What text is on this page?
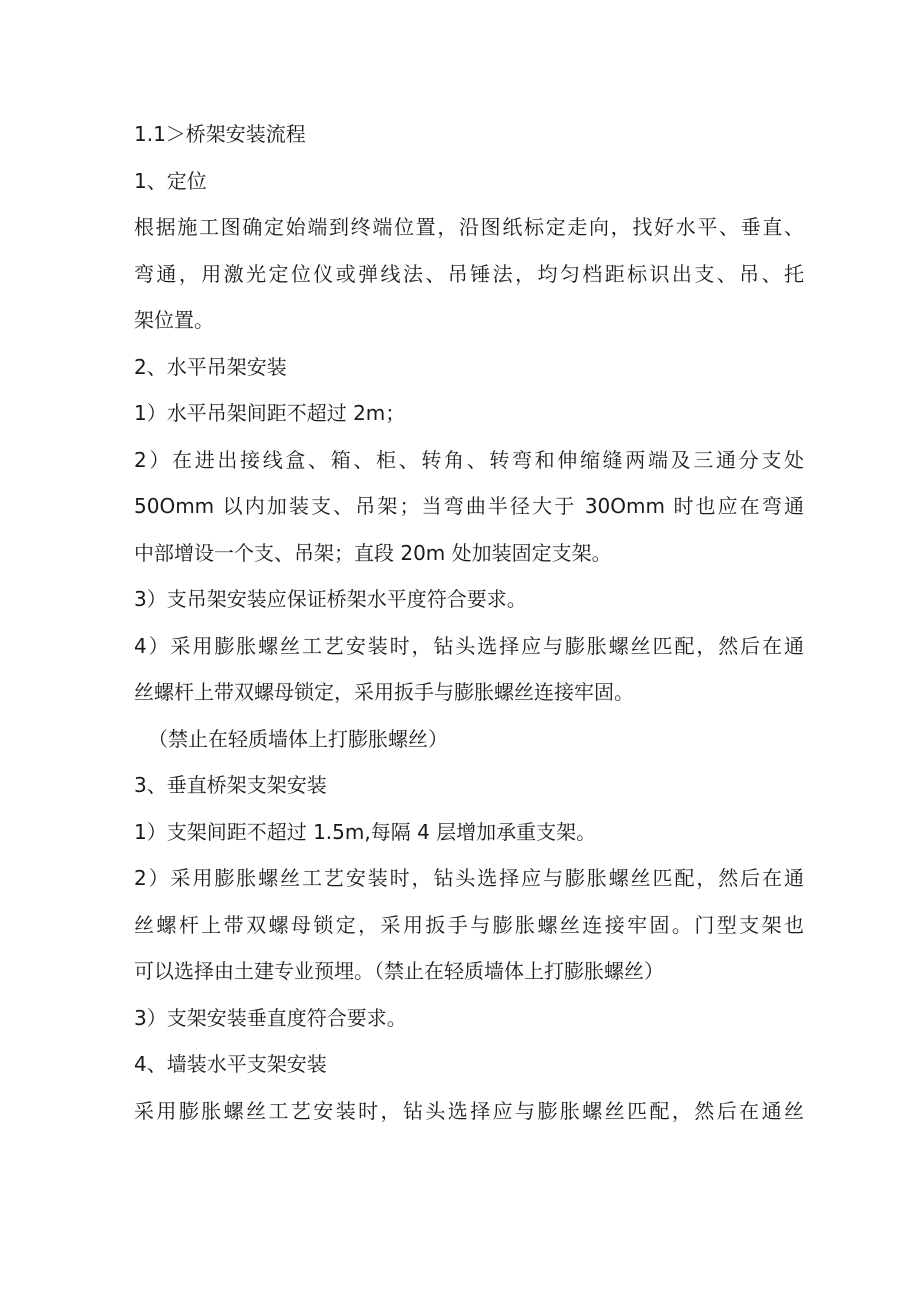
1.1＞桥架安装流程
1、定位
根据施工图确定始端到终端位置，沿图纸标定走向，找好水平、垂直、
弯通，用激光定位仪或弹线法、吊锤法，均匀档距标识出支、吊、托
架位置。
2、水平吊架安装
1）水平吊架间距不超过 2m；
2）在进出接线盒、箱、柜、转角、转弯和伸缩缝两端及三通分支处
50Omm 以内加装支、吊架；当弯曲半径大于 30Omm 时也应在弯通
中部增设一个支、吊架；直段 20m 处加装固定支架。
3）支吊架安装应保证桥架水平度符合要求。
4）采用膨胀螺丝工艺安装时，钻头选择应与膨胀螺丝匹配，然后在通
丝螺杆上带双螺母锁定，采用扳手与膨胀螺丝连接牢固。
（禁止在轻质墙体上打膨胀螺丝）
3、垂直桥架支架安装
1）支架间距不超过 1.5m,每隔 4 层增加承重支架。
2）采用膨胀螺丝工艺安装时，钻头选择应与膨胀螺丝匹配，然后在通
丝螺杆上带双螺母锁定，采用扳手与膨胀螺丝连接牢固。门型支架也
可以选择由土建专业预埋。（禁止在轻质墙体上打膨胀螺丝）
3）支架安装垂直度符合要求。
4、墙装水平支架安装
采用膨胀螺丝工艺安装时，钻头选择应与膨胀螺丝匹配，然后在通丝
